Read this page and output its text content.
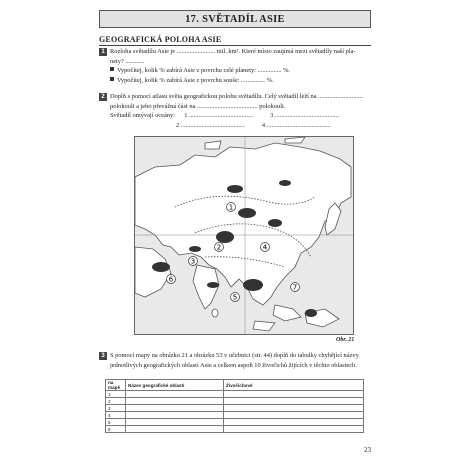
17. SVĚTADÍL ASIE
GEOGRAFICKÁ POLOHA ASIE
1 Rozloha světadílu Asie je ........................ mil. km². Které místo zaujímá mezi světadíly naší pla-
nety? ............
Vypočítej, kolik % zabírá Asie z povrchu celé planety: ............... %.
Vypočítej, kolik % zabírá Asie z povrchu souše: ............... %.
2 Doplň s pomocí atlasu světa geografickou polohu světadílu. Celý světadíl leží na ............................
polokouli a jeho převážná část na ...................................... polokouli.
Světadíl omývají oceány: 1 ........................................	3 ........................................
2 ........................................	4 ........................................
1
2
3
4
5
6
7
Obr. 21
3 S pomocí mapy na obrázku 21 a obrázku 53 v učebnici (str. 44) doplň do tabulky chybějící názvy
jednotlivých geografických oblastí Asie a celkem aspoň 10 živočichů žijících v těchto oblastech.
na mapě	Název geografické oblasti	Živočichové
1		
2		
3		
4		
5		
6		
23
